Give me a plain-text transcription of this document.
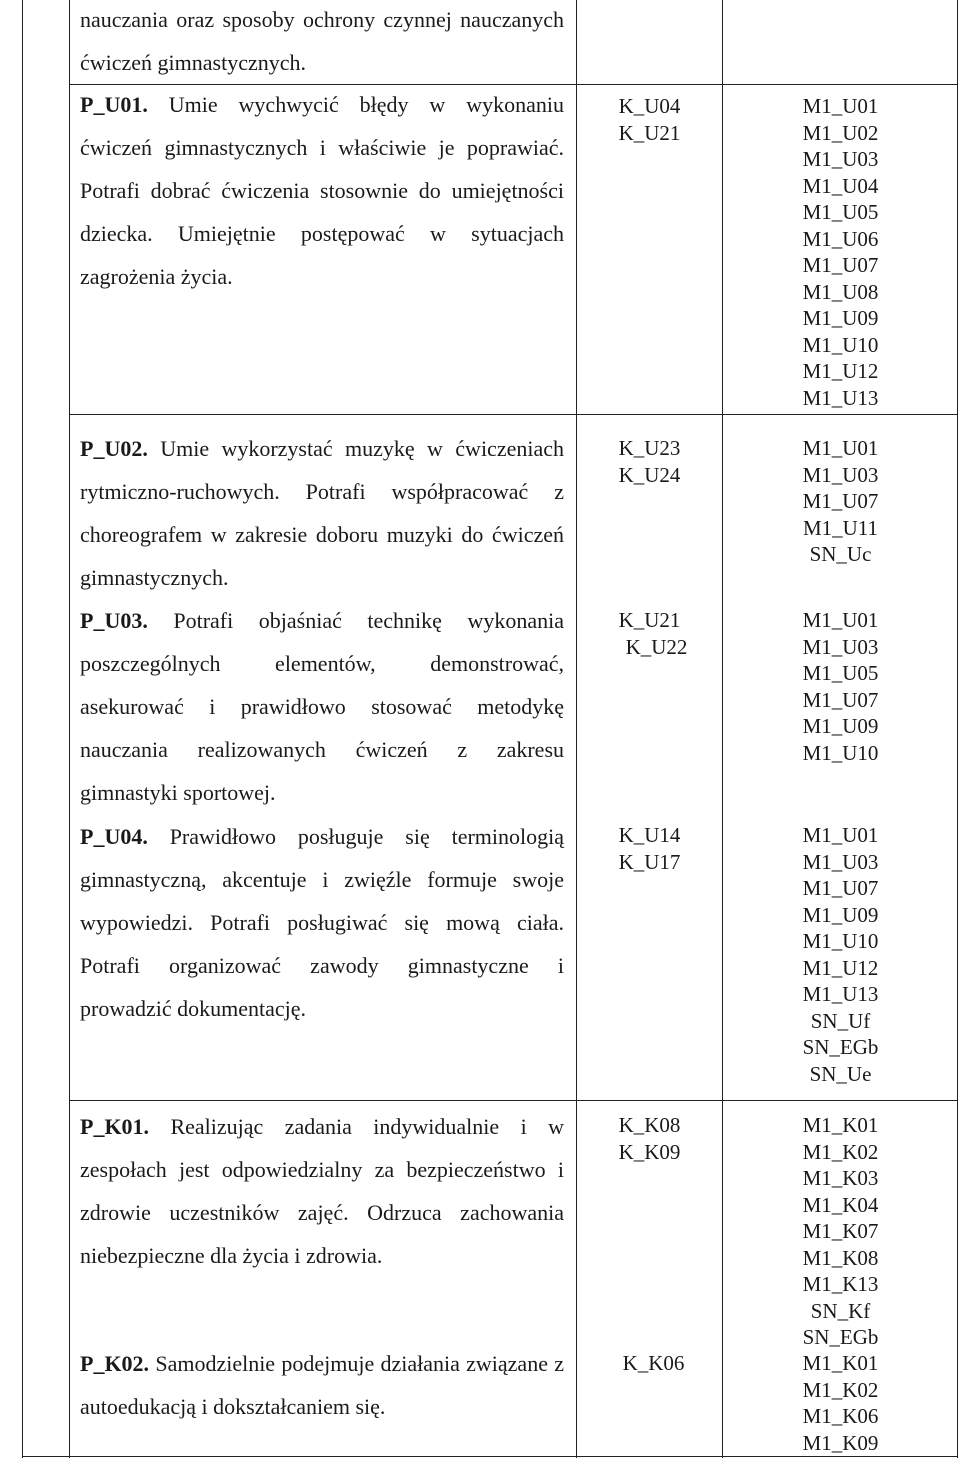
nauczania oraz sposoby ochrony czynnej nauczanych ćwiczeń gimnastycznych.

P_U01. Umie wychwycić błędy w wykonaniu ćwiczeń gimnastycznych i właściwie je poprawiać. Potrafi dobrać ćwiczenia stosownie do umiejętności dziecka. Umiejętnie postępować w sytuacjach zagrożenia życia.

K_U04
K_U21
M1_U01
M1_U02
M1_U03
M1_U04
M1_U05
M1_U06
M1_U07
M1_U08
M1_U09
M1_U10
M1_U12
M1_U13

P_U02. Umie wykorzystać muzykę w ćwiczeniach rytmiczno-ruchowych. Potrafi współpracować z choreografem w zakresie doboru muzyki do ćwiczeń gimnastycznych.

K_U23
K_U24
M1_U01
M1_U03
M1_U07
M1_U11
SN_Uc

P_U03. Potrafi objaśniać technikę wykonania poszczególnych elementów, demonstrować, asekurować i prawidłowo stosować metodykę nauczania realizowanych ćwiczeń z zakresu gimnastyki sportowej.

K_U21
K_U22
M1_U01
M1_U03
M1_U05
M1_U07
M1_U09
M1_U10

P_U04. Prawidłowo posługuje się terminologią gimnastyczną, akcentuje i zwięźle formuje swoje wypowiedzi. Potrafi posługiwać się mową ciała. Potrafi organizować zawody gimnastyczne i prowadzić dokumentację.

K_U14
K_U17
M1_U01
M1_U03
M1_U07
M1_U09
M1_U10
M1_U12
M1_U13
SN_Uf
SN_EGb
SN_Ue

P_K01. Realizując zadania indywidualnie i w zespołach jest odpowiedzialny za bezpieczeństwo i zdrowie uczestników zajęć. Odrzuca zachowania niebezpieczne dla życia i zdrowia.

K_K08
K_K09
M1_K01
M1_K02
M1_K03
M1_K04
M1_K07
M1_K08
M1_K13
SN_Kf
SN_EGb

P_K02. Samodzielnie podejmuje działania związane z autoedukacją i dokształcaniem się.

K_K06	M1_K01
M1_K02
M1_K06
M1_K09
